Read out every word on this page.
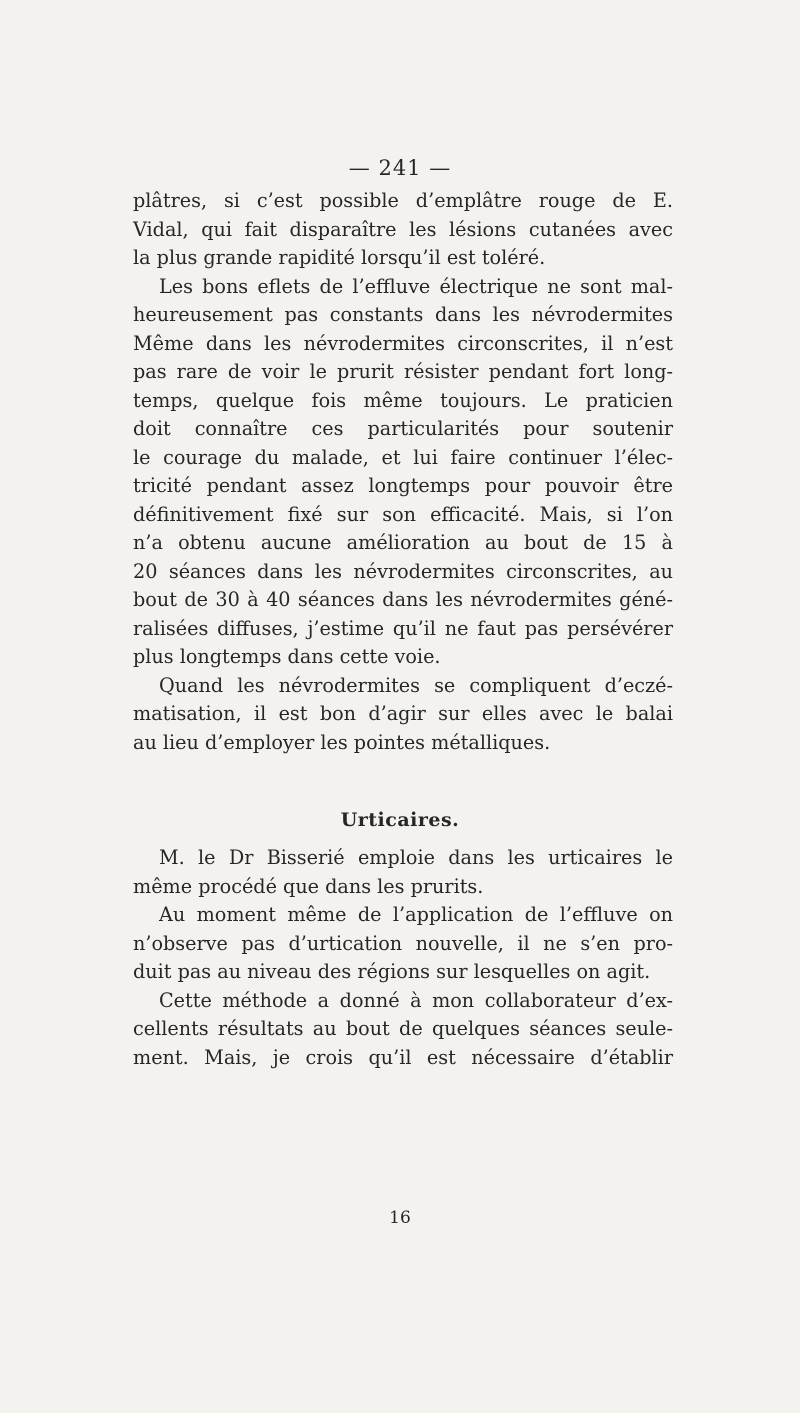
— 241 —
plâtres, si c’est possible d’emplâtre rouge de E.
Vidal, qui fait disparaître les lésions cutanées avec
la plus grande rapidité lorsqu’il est toléré.
Les bons eflets de l’effluve électrique ne sont mal-
heureusement pas constants dans les névrodermites
Même dans les névrodermites circonscrites, il n’est
pas rare de voir le prurit résister pendant fort long-
temps, quelque fois même toujours. Le praticien
doit connaître ces particularités pour soutenir
le courage du malade, et lui faire continuer l’élec-
tricité pendant assez longtemps pour pouvoir être
définitivement fixé sur son efficacité. Mais, si l’on
n’a obtenu aucune amélioration au bout de 15 à
20 séances dans les névrodermites circonscrites, au
bout de 30 à 40 séances dans les névrodermites géné-
ralisées diffuses, j’estime qu’il ne faut pas persévérer
plus longtemps dans cette voie.
Quand les névrodermites se compliquent d’eczé-
matisation, il est bon d’agir sur elles avec le balai
au lieu d’employer les pointes métalliques.
Urticaires.
M. le Dr Bisserié emploie dans les urticaires le
même procédé que dans les prurits.
Au moment même de l’application de l’effluve on
n’observe pas d’urtication nouvelle, il ne s’en pro-
duit pas au niveau des régions sur lesquelles on agit.
Cette méthode a donné à mon collaborateur d’ex-
cellents résultats au bout de quelques séances seule-
ment. Mais, je crois qu’il est nécessaire d’établir
16
